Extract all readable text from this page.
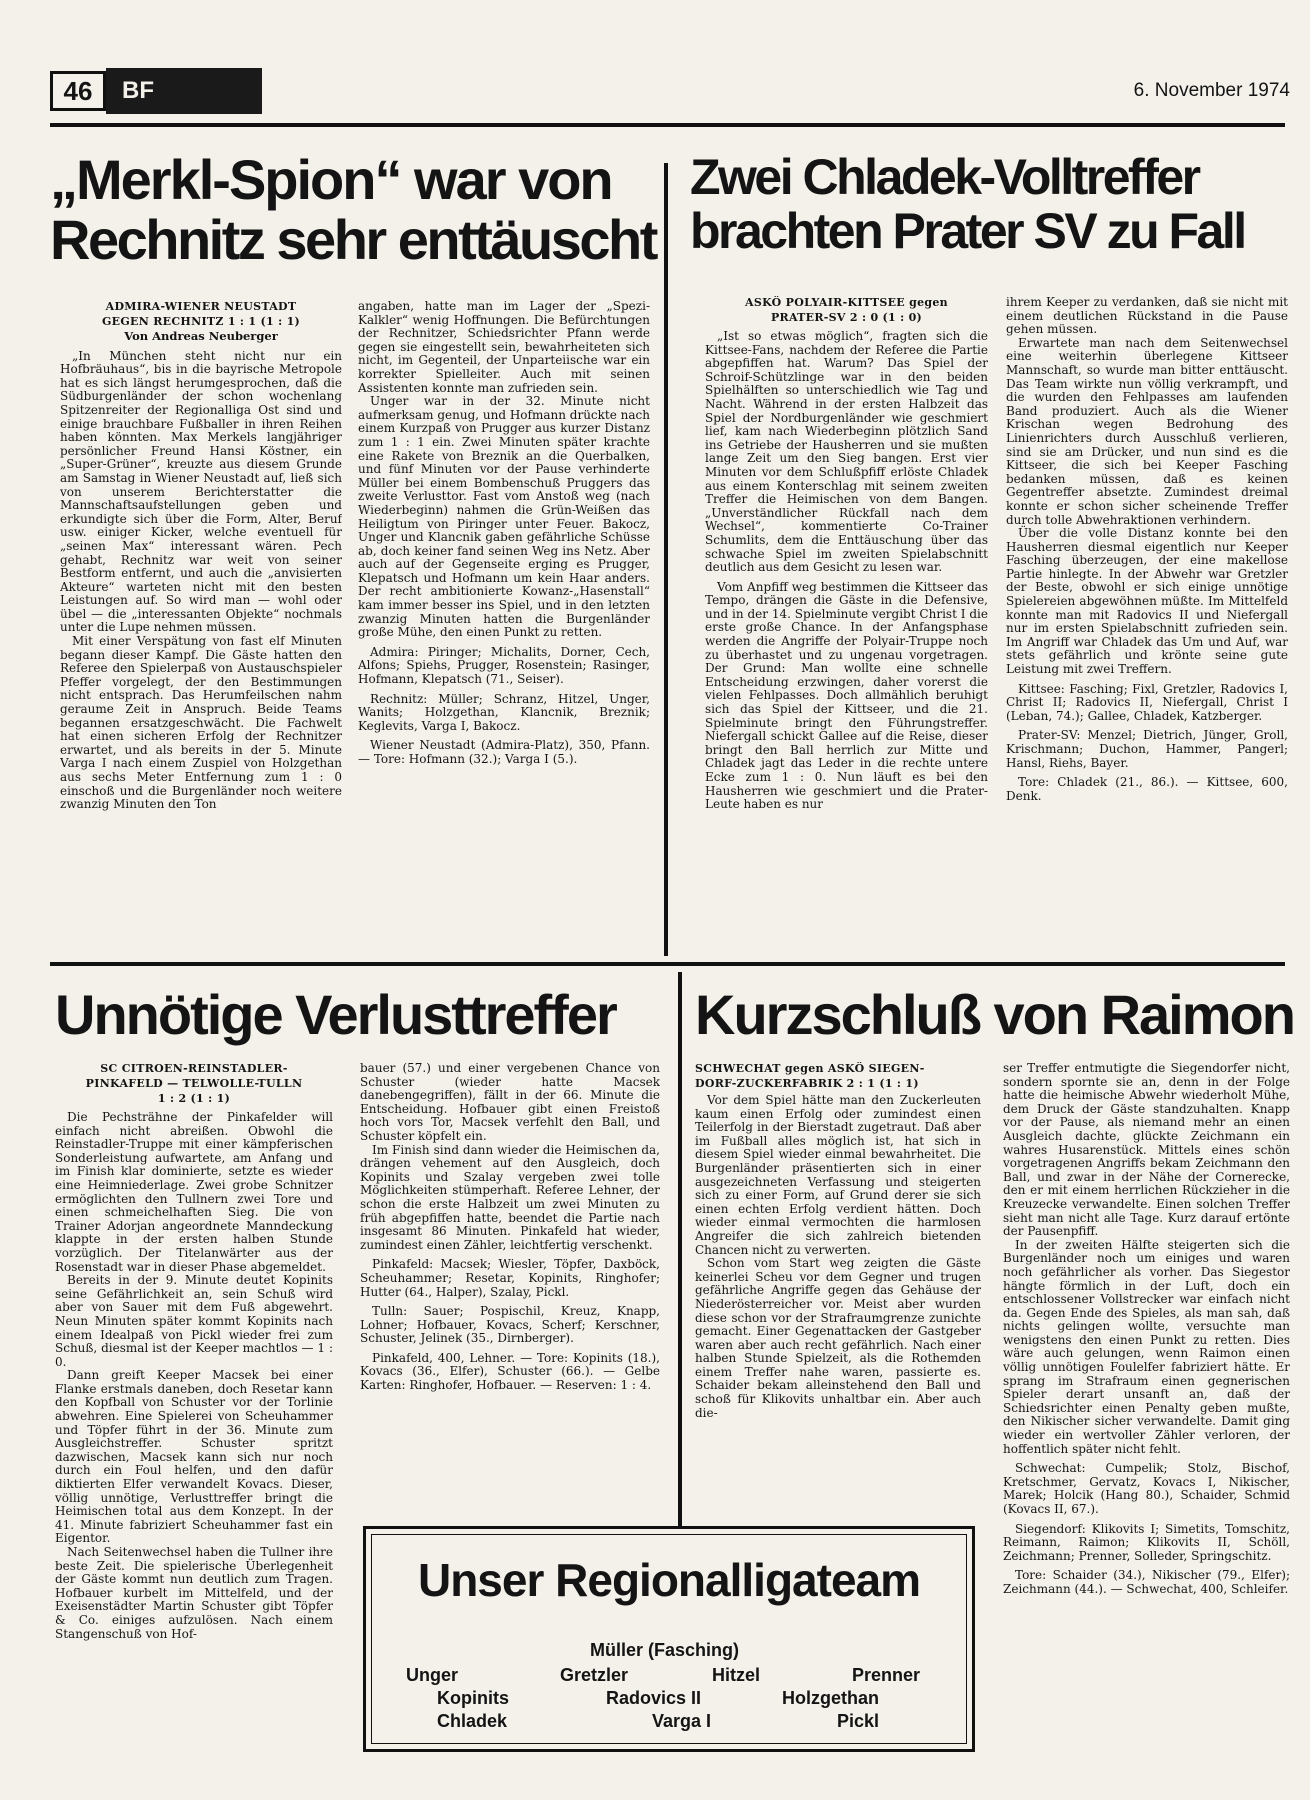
46	BF	6. November 1974
„Merkl-Spion“ war von
Rechnitz sehr enttäuscht
ADMIRA-WIENER NEUSTADT
GEGEN RECHNITZ 1 : 1 (1 : 1)
Von Andreas Neuberger

„In München steht nicht nur ein Hofbräuhaus“, bis in die bayrische Metropole hat es sich längst herumgesprochen, daß die Südburgenländer der schon wochenlang Spitzenreiter der Regionalliga Ost sind und einige brauchbare Fußballer in ihren Reihen haben könnten. Max Merkels langjähriger persönlicher Freund Hansi Köstner, ein „Super-Grüner“, kreuzte aus diesem Grunde am Samstag in Wiener Neustadt auf, ließ sich von unserem Berichterstatter die Mannschaftsaufstellungen geben und erkundigte sich über die Form, Alter, Beruf usw. einiger Kicker, welche eventuell für „seinen Max“ interessant wären. Pech gehabt, Rechnitz war weit von seiner Bestform entfernt, und auch die „anvisierten Akteure“ warteten nicht mit den besten Leistungen auf. So wird man — wohl oder übel — die „interessanten Objekte“ nochmals unter die Lupe nehmen müssen.

Mit einer Verspätung von fast elf Minuten begann dieser Kampf. Die Gäste hatten den Referee den Spielerpaß von Austauschspieler Pfeffer vorgelegt, der den Bestimmungen nicht entsprach. Das Herumfeilschen nahm geraume Zeit in Anspruch. Beide Teams begannen ersatzgeschwächt. Die Fachwelt hat einen sicheren Erfolg der Rechnitzer erwartet, und als bereits in der 5. Minute Varga I nach einem Zuspiel von Holzgethan aus sechs Meter Entfernung zum 1 : 0 einschoß und die Burgenländer noch weitere zwanzig Minuten den Ton

angaben, hatte man im Lager der „Spezi-Kalkler“ wenig Hoffnungen. Die Befürchtungen der Rechnitzer, Schiedsrichter Pfann werde gegen sie eingestellt sein, bewahrheiteten sich nicht, im Gegenteil, der Unparteiische war ein korrekter Spielleiter. Auch mit seinen Assistenten konnte man zufrieden sein.

Unger war in der 32. Minute nicht aufmerksam genug, und Hofmann drückte nach einem Kurzpaß von Prugger aus kurzer Distanz zum 1 : 1 ein. Zwei Minuten später krachte eine Rakete von Breznik an die Querbalken, und fünf Minuten vor der Pause verhinderte Müller bei einem Bombenschuß Pruggers das zweite Verlusttor. Fast vom Anstoß weg (nach Wiederbeginn) nahmen die Grün-Weißen das Heiligtum von Piringer unter Feuer. Bakocz, Unger und Klancnik gaben gefährliche Schüsse ab, doch keiner fand seinen Weg ins Netz. Aber auch auf der Gegenseite erging es Prugger, Klepatsch und Hofmann um kein Haar anders. Der recht ambitionierte Kowanz-„Hasenstall“ kam immer besser ins Spiel, und in den letzten zwanzig Minuten hatten die Burgenländer große Mühe, den einen Punkt zu retten.

Admira: Piringer; Michalits, Dorner, Cech, Alfons; Spiehs, Prugger, Rosenstein; Rasinger, Hofmann, Klepatsch (71., Seiser).

Rechnitz: Müller; Schranz, Hitzel, Unger, Wanits; Holzgethan, Klancnik, Breznik; Keglevits, Varga I, Bakocz.

Wiener Neustadt (Admira-Platz), 350, Pfann. — Tore: Hofmann (32.); Varga I (5.).

Zwei Chladek-Volltreffer
brachten Prater SV zu Fall
ASKÖ POLYAIR-KITTSEE gegen
PRATER-SV 2 : 0 (1 : 0)

„Ist so etwas möglich“, fragten sich die Kittsee-Fans, nachdem der Referee die Partie abgepfiffen hat. Warum? Das Spiel der Schroif-Schützlinge war in den beiden Spielhälften so unterschiedlich wie Tag und Nacht. Während in der ersten Halbzeit das Spiel der Nordburgenländer wie geschmiert lief, kam nach Wiederbeginn plötzlich Sand ins Getriebe der Hausherren und sie mußten lange Zeit um den Sieg bangen. Erst vier Minuten vor dem Schlußpfiff erlöste Chladek aus einem Konterschlag mit seinem zweiten Treffer die Heimischen von dem Bangen. „Unverständlicher Rückfall nach dem Wechsel“, kommentierte Co-Trainer Schumlits, dem die Enttäuschung über das schwache Spiel im zweiten Spielabschnitt deutlich aus dem Gesicht zu lesen war.

Vom Anpfiff weg bestimmen die Kittseer das Tempo, drängen die Gäste in die Defensive, und in der 14. Spielminute vergibt Christ I die erste große Chance. In der Anfangsphase werden die Angriffe der Polyair-Truppe noch zu überhastet und zu ungenau vorgetragen. Der Grund: Man wollte eine schnelle Entscheidung erzwingen, daher vorerst die vielen Fehlpasses. Doch allmählich beruhigt sich das Spiel der Kittseer, und die 21. Spielminute bringt den Führungstreffer. Niefergall schickt Gallee auf die Reise, dieser bringt den Ball herrlich zur Mitte und Chladek jagt das Leder in die rechte untere Ecke zum 1 : 0. Nun läuft es bei den Hausherren wie geschmiert und die Prater-Leute haben es nur

ihrem Keeper zu verdanken, daß sie nicht mit einem deutlichen Rückstand in die Pause gehen müssen.

Erwartete man nach dem Seitenwechsel eine weiterhin überlegene Kittseer Mannschaft, so wurde man bitter enttäuscht. Das Team wirkte nun völlig verkrampft, und die wurden den Fehlpasses am laufenden Band produziert. Auch als die Wiener Krischan wegen Bedrohung des Linienrichters durch Ausschluß verlieren, sind sie am Drücker, und nun sind es die Kittseer, die sich bei Keeper Fasching bedanken müssen, daß es keinen Gegentreffer absetzte. Zumindest dreimal konnte er schon sicher scheinende Treffer durch tolle Abwehraktionen verhindern.

Über die volle Distanz konnte bei den Hausherren diesmal eigentlich nur Keeper Fasching überzeugen, der eine makellose Partie hinlegte. In der Abwehr war Gretzler der Beste, obwohl er sich einige unnötige Spielereien abgewöhnen müßte. Im Mittelfeld konnte man mit Radovics II und Niefergall nur im ersten Spielabschnitt zufrieden sein. Im Angriff war Chladek das Um und Auf, war stets gefährlich und krönte seine gute Leistung mit zwei Treffern.

Kittsee: Fasching; Fixl, Gretzler, Radovics I, Christ II; Radovics II, Niefergall, Christ I (Leban, 74.); Gallee, Chladek, Katzberger.

Prater-SV: Menzel; Dietrich, Jünger, Groll, Krischmann; Duchon, Hammer, Pangerl; Hansl, Riehs, Bayer.

Tore: Chladek (21., 86.). — Kittsee, 600, Denk.

Unnötige Verlusttreffer
SC CITROEN-REINSTADLER-
PINKAFELD — TELWOLLE-TULLN
1 : 2 (1 : 1)

Die Pechsträhne der Pinkafelder will einfach nicht abreißen. Obwohl die Reinstadler-Truppe mit einer kämpferischen Sonderleistung aufwartete, am Anfang und im Finish klar dominierte, setzte es wieder eine Heimniederlage. Zwei grobe Schnitzer ermöglichten den Tullnern zwei Tore und einen schmeichelhaften Sieg. Die von Trainer Adorjan angeordnete Manndeckung klappte in der ersten halben Stunde vorzüglich. Der Titelanwärter aus der Rosenstadt war in dieser Phase abgemeldet.

Bereits in der 9. Minute deutet Kopinits seine Gefährlichkeit an, sein Schuß wird aber von Sauer mit dem Fuß abgewehrt. Neun Minuten später kommt Kopinits nach einem Idealpaß von Pickl wieder frei zum Schuß, diesmal ist der Keeper machtlos — 1 : 0.

Dann greift Keeper Macsek bei einer Flanke erstmals daneben, doch Resetar kann den Kopfball von Schuster vor der Torlinie abwehren. Eine Spielerei von Scheuhammer und Töpfer führt in der 36. Minute zum Ausgleichstreffer. Schuster spritzt dazwischen, Macsek kann sich nur noch durch ein Foul helfen, und den dafür diktierten Elfer verwandelt Kovacs. Dieser, völlig unnötige, Verlusttreffer bringt die Heimischen total aus dem Konzept. In der 41. Minute fabriziert Scheuhammer fast ein Eigentor.

Nach Seitenwechsel haben die Tullner ihre beste Zeit. Die spielerische Überlegenheit der Gäste kommt nun deutlich zum Tragen. Hofbauer kurbelt im Mittelfeld, und der Exeisenstädter Martin Schuster gibt Töpfer & Co. einiges aufzulösen. Nach einem Stangenschuß von Hof-

bauer (57.) und einer vergebenen Chance von Schuster (wieder hatte Macsek danebengegriffen), fällt in der 66. Minute die Entscheidung. Hofbauer gibt einen Freistoß hoch vors Tor, Macsek verfehlt den Ball, und Schuster köpfelt ein.

Im Finish sind dann wieder die Heimischen da, drängen vehement auf den Ausgleich, doch Kopinits und Szalay vergeben zwei tolle Möglichkeiten stümperhaft. Referee Lehner, der schon die erste Halbzeit um zwei Minuten zu früh abgepfiffen hatte, beendet die Partie nach insgesamt 86 Minuten. Pinkafeld hat wieder, zumindest einen Zähler, leichtfertig verschenkt.

Pinkafeld: Macsek; Wiesler, Töpfer, Daxböck, Scheuhammer; Resetar, Kopinits, Ringhofer; Hutter (64., Halper), Szalay, Pickl.

Tulln: Sauer; Pospischil, Kreuz, Knapp, Lohner; Hofbauer, Kovacs, Scherf; Kerschner, Schuster, Jelinek (35., Dirnberger).

Pinkafeld, 400, Lehner. — Tore: Kopinits (18.), Kovacs (36., Elfer), Schuster (66.). — Gelbe Karten: Ringhofer, Hofbauer. — Reserven: 1 : 4.

Kurzschluß von Raimon
SCHWECHAT gegen ASKÖ SIEGEN-
DORF-ZUCKERFABRIK 2 : 1 (1 : 1)

Vor dem Spiel hätte man den Zuckerleuten kaum einen Erfolg oder zumindest einen Teilerfolg in der Bierstadt zugetraut. Daß aber im Fußball alles möglich ist, hat sich in diesem Spiel wieder einmal bewahrheitet. Die Burgenländer präsentierten sich in einer ausgezeichneten Verfassung und steigerten sich zu einer Form, auf Grund derer sie sich einen echten Erfolg verdient hätten. Doch wieder einmal vermochten die harmlosen Angreifer die sich zahlreich bietenden Chancen nicht zu verwerten.

Schon vom Start weg zeigten die Gäste keinerlei Scheu vor dem Gegner und trugen gefährliche Angriffe gegen das Gehäuse der Niederösterreicher vor. Meist aber wurden diese schon vor der Strafraumgrenze zunichte gemacht. Einer Gegenattacken der Gastgeber waren aber auch recht gefährlich. Nach einer halben Stunde Spielzeit, als die Rothemden einem Treffer nahe waren, passierte es. Schaider bekam alleinstehend den Ball und schoß für Klikovits unhaltbar ein. Aber auch die-

ser Treffer entmutigte die Siegendorfer nicht, sondern spornte sie an, denn in der Folge hatte die heimische Abwehr wiederholt Mühe, dem Druck der Gäste standzuhalten. Knapp vor der Pause, als niemand mehr an einen Ausgleich dachte, glückte Zeichmann ein wahres Husarenstück. Mittels eines schön vorgetragenen Angriffs bekam Zeichmann den Ball, und zwar in der Nähe der Cornerecke, den er mit einem herrlichen Rückzieher in die Kreuzecke verwandelte. Einen solchen Treffer sieht man nicht alle Tage. Kurz darauf ertönte der Pausenpfiff.

In der zweiten Hälfte steigerten sich die Burgenländer noch um einiges und waren noch gefährlicher als vorher. Das Siegestor hängte förmlich in der Luft, doch ein entschlossener Vollstrecker war einfach nicht da. Gegen Ende des Spieles, als man sah, daß nichts gelingen wollte, versuchte man wenigstens den einen Punkt zu retten. Dies wäre auch gelungen, wenn Raimon einen völlig unnötigen Foulelfer fabriziert hätte. Er sprang im Strafraum einen gegnerischen Spieler derart unsanft an, daß der Schiedsrichter einen Penalty geben mußte, den Nikischer sicher verwandelte. Damit ging wieder ein wertvoller Zähler verloren, der hoffentlich später nicht fehlt.

Schwechat: Cumpelik; Stolz, Bischof, Kretschmer, Gervatz, Kovacs I, Nikischer, Marek; Holcik (Hang 80.), Schaider, Schmid (Kovacs II, 67.).

Siegendorf: Klikovits I; Simetits, Tomschitz, Reimann, Raimon; Klikovits II, Schöll, Zeichmann; Prenner, Solleder, Springschitz.

Tore: Schaider (34.), Nikischer (79., Elfer); Zeichmann (44.). — Schwechat, 400, Schleifer.

Unser Regionalligateam
Müller (Fasching)
Unger	Gretzler	Hitzel	Prenner
Kopinits	Radovics II	Holzgethan
Chladek	Varga I	Pickl
